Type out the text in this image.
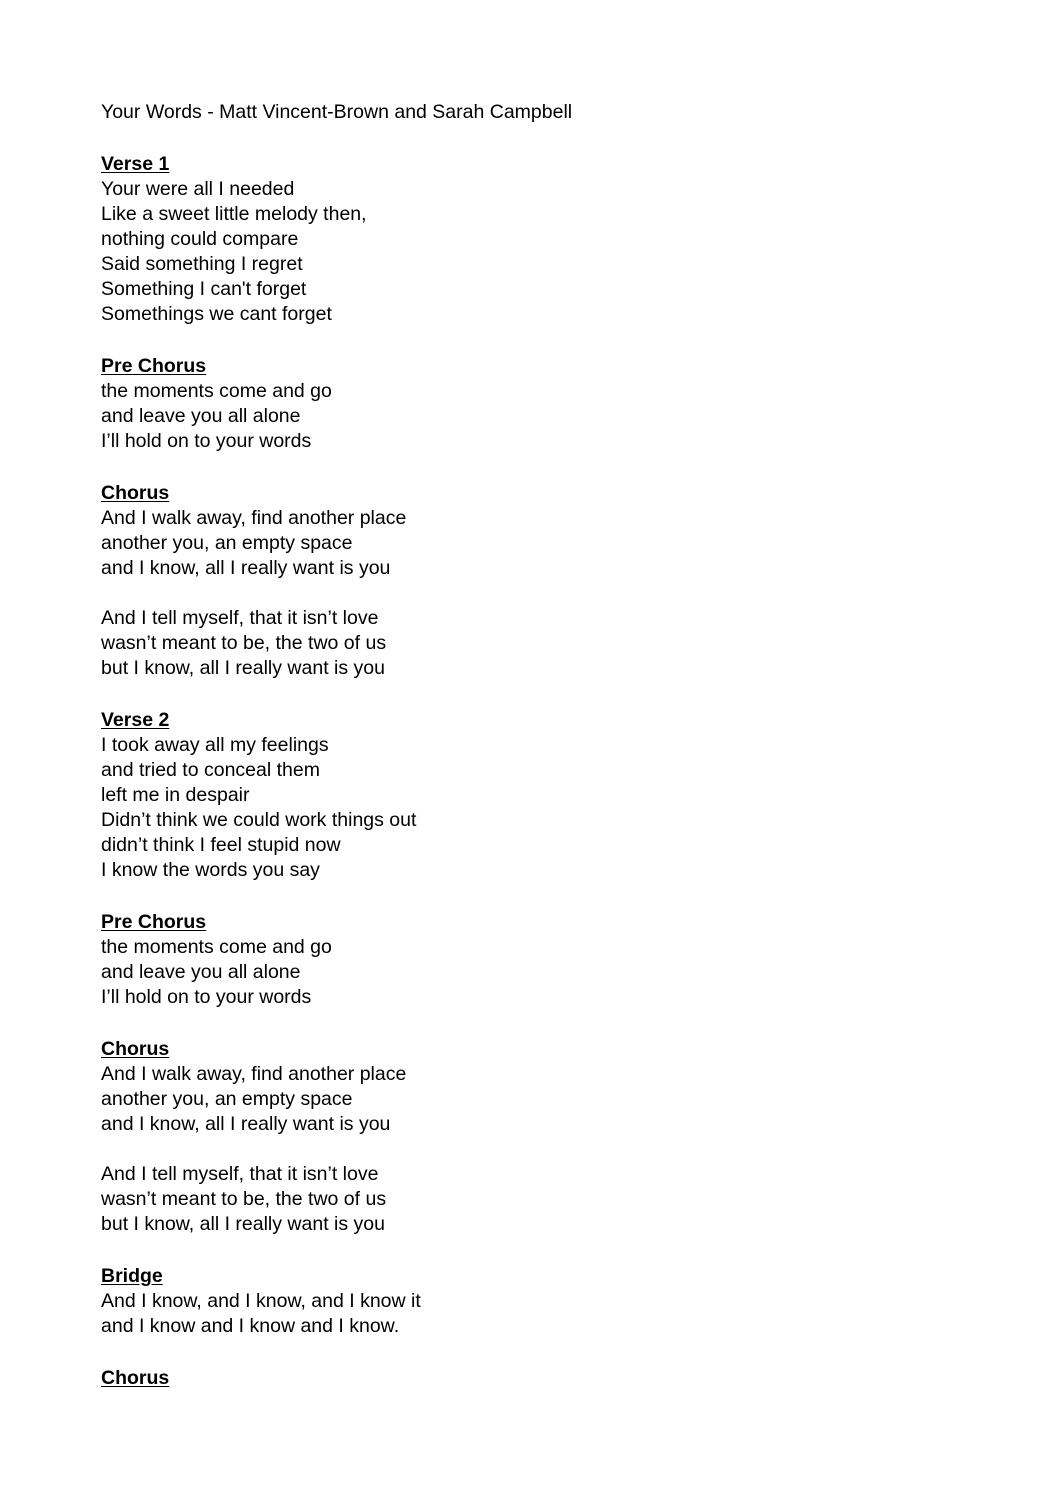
Your Words - Matt Vincent-Brown and Sarah Campbell
Verse 1
Your were all I needed
Like a sweet little melody then,
nothing could compare
Said something I regret
Something I can't forget
Somethings we cant forget
Pre Chorus
the moments come and go
and leave you all alone
I’ll hold on to your words
Chorus
And I walk away, find another place
another you, an empty space
and I know, all I really want is you
And I tell myself, that it isn’t love
wasn’t meant to be, the two of us
but I know, all I really want is you
Verse 2
I took away all my feelings
and tried to conceal them
left me in despair
Didn’t think we could work things out
didn’t think I feel stupid now
I know the words you say
Pre Chorus
the moments come and go
and leave you all alone
I’ll hold on to your words
Chorus
And I walk away, find another place
another you, an empty space
and I know, all I really want is you
And I tell myself, that it isn’t love
wasn’t meant to be, the two of us
but I know, all I really want is you
Bridge
And I know, and I know, and I know it
and I know and I know and I know.
Chorus
